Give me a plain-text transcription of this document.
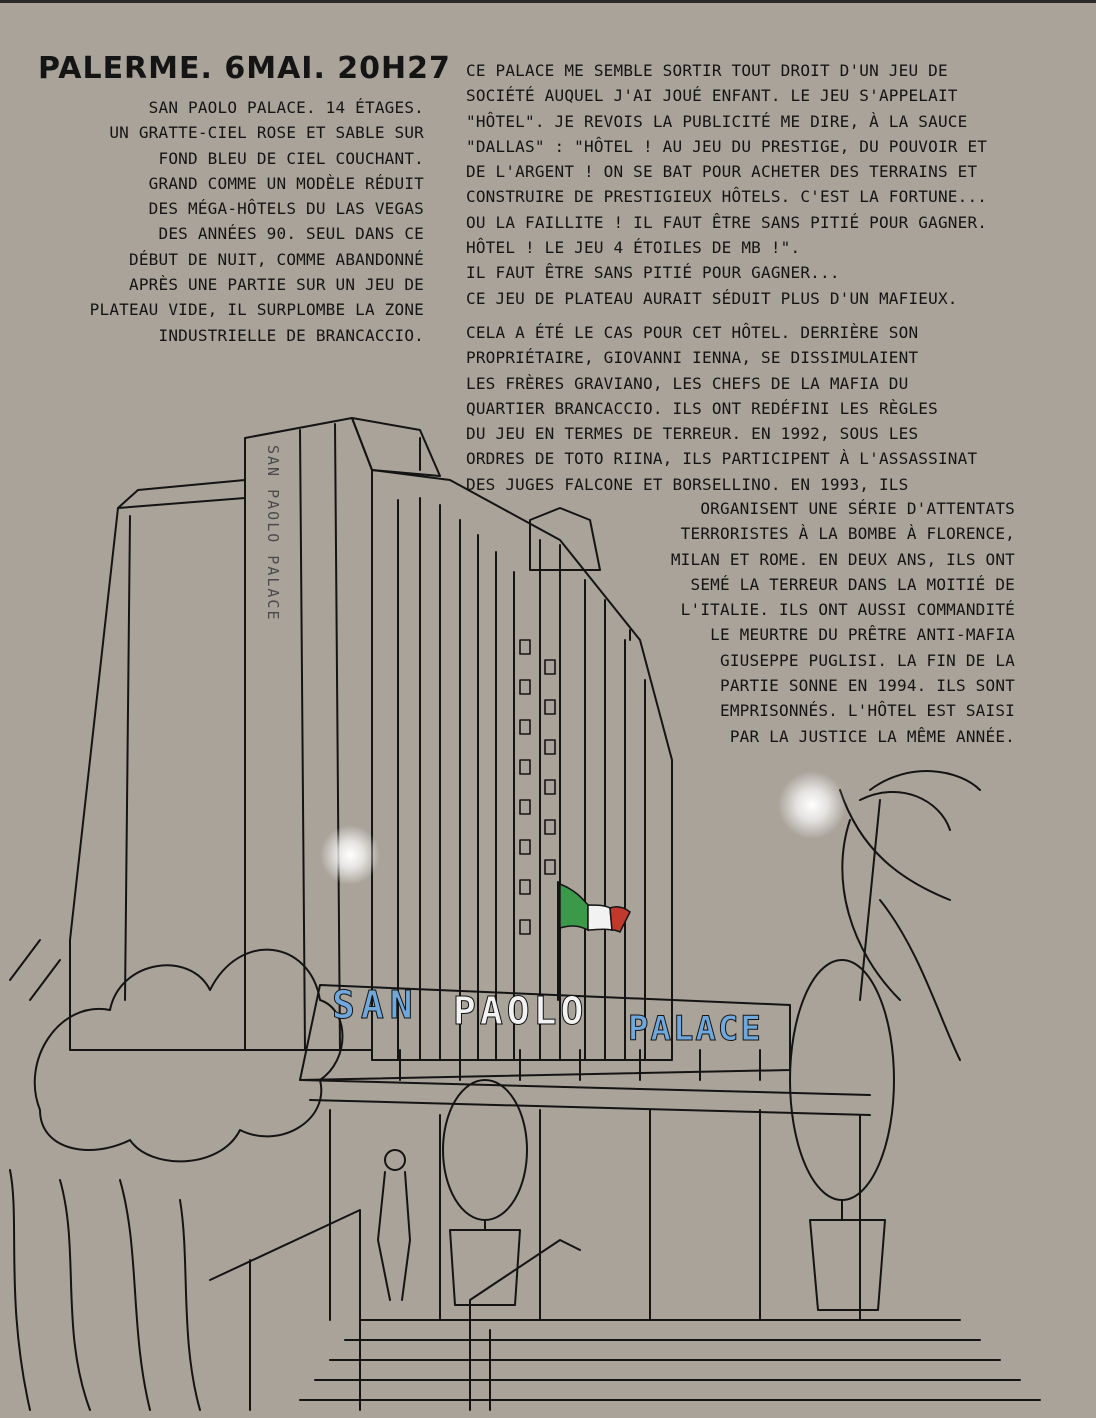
SAN PAOLO PALACE
SAN PAOLO PALACE
PALERME. 6MAI. 20H27
SAN PAOLO PALACE. 14 ÉTAGES.
UN GRATTE-CIEL ROSE ET SABLE SUR
FOND BLEU DE CIEL COUCHANT.
GRAND COMME UN MODÈLE RÉDUIT
DES MÉGA-HÔTELS DU LAS VEGAS
DES ANNÉES 90. SEUL DANS CE
DÉBUT DE NUIT, COMME ABANDONNÉ
APRÈS UNE PARTIE SUR UN JEU DE
PLATEAU VIDE, IL SURPLOMBE LA ZONE
INDUSTRIELLE DE BRANCACCIO.
CE PALACE ME SEMBLE SORTIR TOUT DROIT D'UN JEU DE
SOCIÉTÉ AUQUEL J'AI JOUÉ ENFANT. LE JEU S'APPELAIT
"HÔTEL". JE REVOIS LA PUBLICITÉ ME DIRE, À LA SAUCE
"DALLAS" : "HÔTEL ! AU JEU DU PRESTIGE, DU POUVOIR ET
DE L'ARGENT ! ON SE BAT POUR ACHETER DES TERRAINS ET
CONSTRUIRE DE PRESTIGIEUX HÔTELS. C'EST LA FORTUNE...
OU LA FAILLITE ! IL FAUT ÊTRE SANS PITIÉ POUR GAGNER.
HÔTEL ! LE JEU 4 ÉTOILES DE MB !".
IL FAUT ÊTRE SANS PITIÉ POUR GAGNER...
CE JEU DE PLATEAU AURAIT SÉDUIT PLUS D'UN MAFIEUX.
CELA A ÉTÉ LE CAS POUR CET HÔTEL. DERRIÈRE SON
PROPRIÉTAIRE, GIOVANNI IENNA, SE DISSIMULAIENT
LES FRÈRES GRAVIANO, LES CHEFS DE LA MAFIA DU
QUARTIER BRANCACCIO. ILS ONT REDÉFINI LES RÈGLES
DU JEU EN TERMES DE TERREUR. EN 1992, SOUS LES
ORDRES DE TOTO RIINA, ILS PARTICIPENT À L'ASSASSINAT
DES JUGES FALCONE ET BORSELLINO. EN 1993, ILS
ORGANISENT UNE SÉRIE D'ATTENTATS
TERRORISTES À LA BOMBE À FLORENCE,
MILAN ET ROME. EN DEUX ANS, ILS ONT
SEMÉ LA TERREUR DANS LA MOITIÉ DE
L'ITALIE. ILS ONT AUSSI COMMANDITÉ
LE MEURTRE DU PRÊTRE ANTI-MAFIA
GIUSEPPE PUGLISI. LA FIN DE LA
PARTIE SONNE EN 1994. ILS SONT
EMPRISONNÉS. L'HÔTEL EST SAISI
PAR LA JUSTICE LA MÊME ANNÉE.
